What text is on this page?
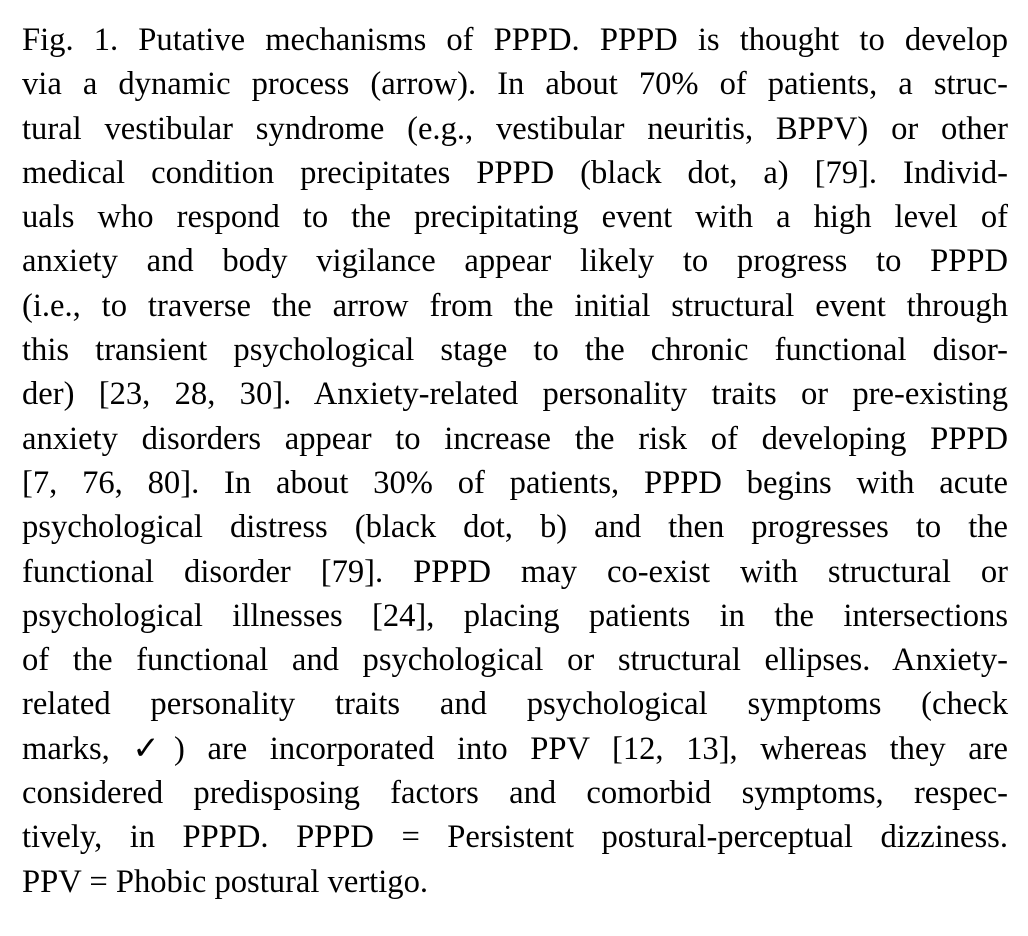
Fig. 1. Putative mechanisms of PPPD. PPPD is thought to develop
via a dynamic process (arrow). In about 70% of patients, a struc-
tural vestibular syndrome (e.g., vestibular neuritis, BPPV) or other
medical condition precipitates PPPD (black dot, a) [79]. Individ-
uals who respond to the precipitating event with a high level of
anxiety and body vigilance appear likely to progress to PPPD
(i.e., to traverse the arrow from the initial structural event through
this transient psychological stage to the chronic functional disor-
der) [23, 28, 30]. Anxiety-related personality traits or pre-existing
anxiety disorders appear to increase the risk of developing PPPD
[7, 76, 80]. In about 30% of patients, PPPD begins with acute
psychological distress (black dot, b) and then progresses to the
functional disorder [79]. PPPD may co-exist with structural or
psychological illnesses [24], placing patients in the intersections
of the functional and psychological or structural ellipses. Anxiety-
related personality traits and psychological symptoms (check
marks, ✓) are incorporated into PPV [12, 13], whereas they are
considered predisposing factors and comorbid symptoms, respec-
tively, in PPPD. PPPD = Persistent postural-perceptual dizziness.
PPV = Phobic postural vertigo.
